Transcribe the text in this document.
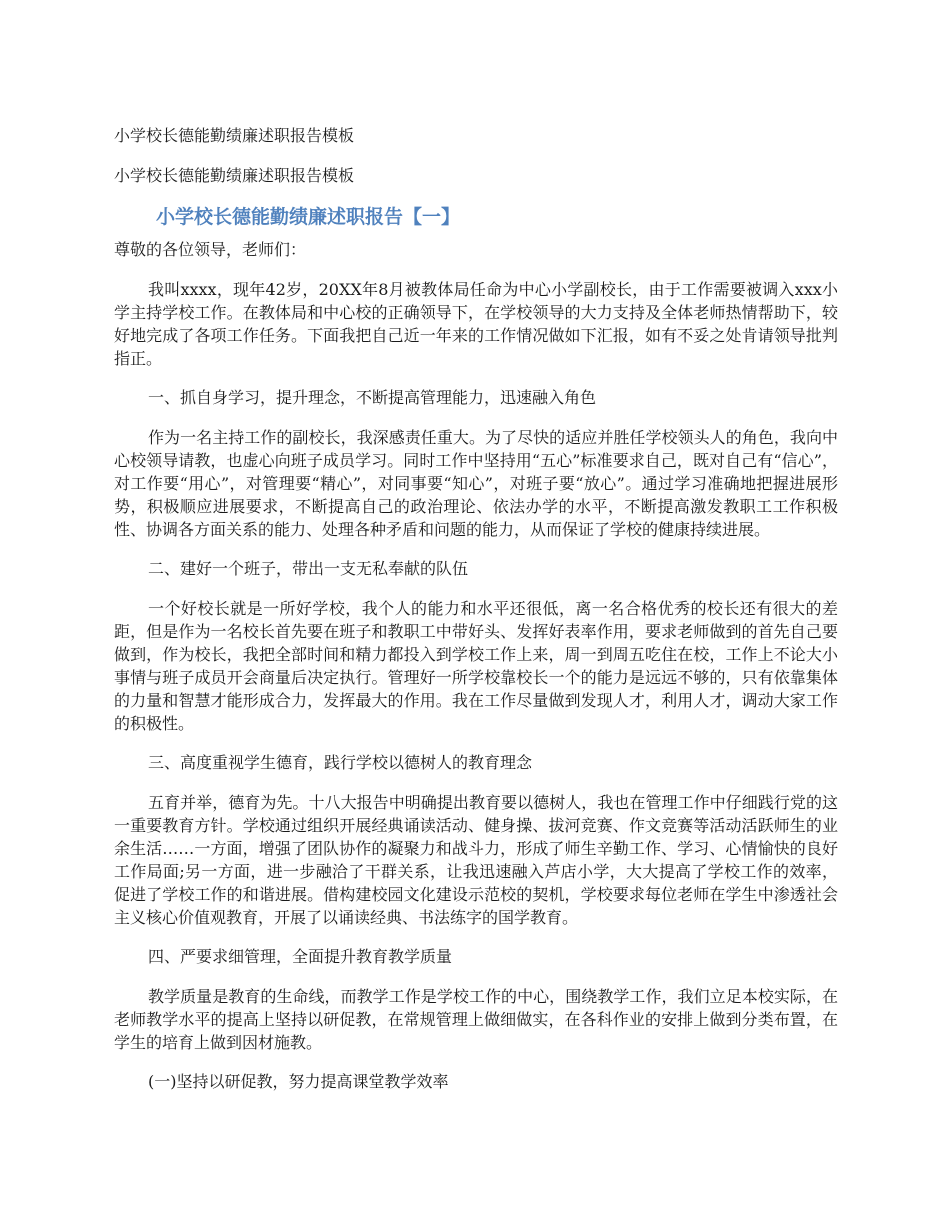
小学校长德能勤绩廉述职报告模板

小学校长德能勤绩廉述职报告模板

小学校长德能勤绩廉述职报告【一】

尊敬的各位领导，老师们：

我叫xxxx，现年42岁，20XX年8月被教体局任命为中心小学副校长，由于工作需要被调入xxx小学主持学校工作。在教体局和中心校的正确领导下，在学校领导的大力支持及全体老师热情帮助下，较好地完成了各项工作任务。下面我把自己近一年来的工作情况做如下汇报，如有不妥之处肯请领导批判指正。

一、抓自身学习，提升理念，不断提高管理能力，迅速融入角色

作为一名主持工作的副校长，我深感责任重大。为了尽快的适应并胜任学校领头人的角色，我向中心校领导请教，也虚心向班子成员学习。同时工作中坚持用“五心”标准要求自己，既对自己有“信心”，对工作要“用心”，对管理要“精心”，对同事要“知心”，对班子要“放心”。通过学习准确地把握进展形势，积极顺应进展要求，不断提高自己的政治理论、依法办学的水平，不断提高激发教职工工作积极性、协调各方面关系的能力、处理各种矛盾和问题的能力，从而保证了学校的健康持续进展。

二、建好一个班子，带出一支无私奉献的队伍

一个好校长就是一所好学校，我个人的能力和水平还很低，离一名合格优秀的校长还有很大的差距，但是作为一名校长首先要在班子和教职工中带好头、发挥好表率作用，要求老师做到的首先自己要做到，作为校长，我把全部时间和精力都投入到学校工作上来，周一到周五吃住在校，工作上不论大小事情与班子成员开会商量后决定执行。管理好一所学校靠校长一个的能力是远远不够的，只有依靠集体的力量和智慧才能形成合力，发挥最大的作用。我在工作尽量做到发现人才，利用人才，调动大家工作的积极性。

三、高度重视学生德育，践行学校以德树人的教育理念

五育并举，德育为先。十八大报告中明确提出教育要以德树人，我也在管理工作中仔细践行党的这一重要教育方针。学校通过组织开展经典诵读活动、健身操、拔河竞赛、作文竞赛等活动活跃师生的业余生活……一方面，增强了团队协作的凝聚力和战斗力，形成了师生辛勤工作、学习、心情愉快的良好工作局面;另一方面，进一步融洽了干群关系，让我迅速融入芦店小学，大大提高了学校工作的效率，促进了学校工作的和谐进展。借构建校园文化建设示范校的契机，学校要求每位老师在学生中渗透社会主义核心价值观教育，开展了以诵读经典、书法练字的国学教育。

四、严要求细管理，全面提升教育教学质量

教学质量是教育的生命线，而教学工作是学校工作的中心，围绕教学工作，我们立足本校实际，在老师教学水平的提高上坚持以研促教，在常规管理上做细做实，在各科作业的安排上做到分类布置，在学生的培育上做到因材施教。

(一)坚持以研促教，努力提高课堂教学效率
